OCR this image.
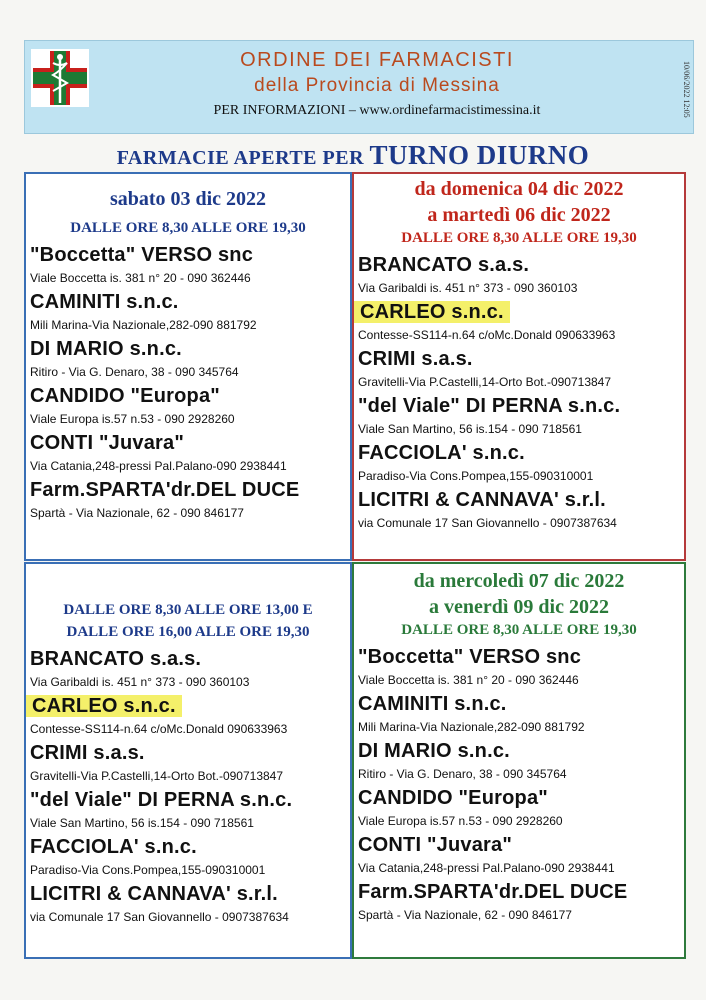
ORDINE DEI FARMACISTI
della Provincia di Messina
PER INFORMAZIONI – www.ordinefarmacistimessina.it	10/06/2022 12:05
FARMACIE APERTE PER TURNO DIURNO
sabato 03 dic 2022
DALLE ORE 8,30 ALLE ORE 19,30
"Boccetta" VERSO snc
Viale Boccetta is. 381 n° 20 - 090 362446
CAMINITI s.n.c.
Mili Marina-Via Nazionale,282-090 881792
DI MARIO s.n.c.
Ritiro - Via G. Denaro, 38 - 090 345764
CANDIDO "Europa"
Viale Europa is.57 n.53 - 090 2928260
CONTI "Juvara"
Via Catania,248-pressi Pal.Palano-090 2938441
Farm.SPARTA'dr.DEL DUCE
Spartà - Via Nazionale, 62 - 090 846177
da domenica 04 dic 2022
a martedì 06 dic 2022
DALLE ORE 8,30 ALLE ORE 19,30
BRANCATO s.a.s.
Via Garibaldi is. 451 n° 373 - 090 360103
CARLEO s.n.c.
Contesse-SS114-n.64 c/oMc.Donald 090633963
CRIMI s.a.s.
Gravitelli-Via P.Castelli,14-Orto Bot.-090713847
"del Viale" DI PERNA s.n.c.
Viale San Martino, 56 is.154 - 090 718561
FACCIOLA' s.n.c.
Paradiso-Via Cons.Pompea,155-090310001
LICITRI & CANNAVA' s.r.l.
via Comunale 17 San Giovannello - 0907387634
DALLE ORE 8,30 ALLE ORE 13,00 E
DALLE ORE 16,00 ALLE ORE 19,30
BRANCATO s.a.s.
Via Garibaldi is. 451 n° 373 - 090 360103
CARLEO s.n.c.
Contesse-SS114-n.64 c/oMc.Donald 090633963
CRIMI s.a.s.
Gravitelli-Via P.Castelli,14-Orto Bot.-090713847
"del Viale" DI PERNA s.n.c.
Viale San Martino, 56 is.154 - 090 718561
FACCIOLA' s.n.c.
Paradiso-Via Cons.Pompea,155-090310001
LICITRI & CANNAVA' s.r.l.
via Comunale 17 San Giovannello - 0907387634
da mercoledì 07 dic 2022
a venerdì 09 dic 2022
DALLE ORE 8,30 ALLE ORE 19,30
"Boccetta" VERSO snc
Viale Boccetta is. 381 n° 20 - 090 362446
CAMINITI s.n.c.
Mili Marina-Via Nazionale,282-090 881792
DI MARIO s.n.c.
Ritiro - Via G. Denaro, 38 - 090 345764
CANDIDO "Europa"
Viale Europa is.57 n.53 - 090 2928260
CONTI "Juvara"
Via Catania,248-pressi Pal.Palano-090 2938441
Farm.SPARTA'dr.DEL DUCE
Spartà - Via Nazionale, 62 - 090 846177
